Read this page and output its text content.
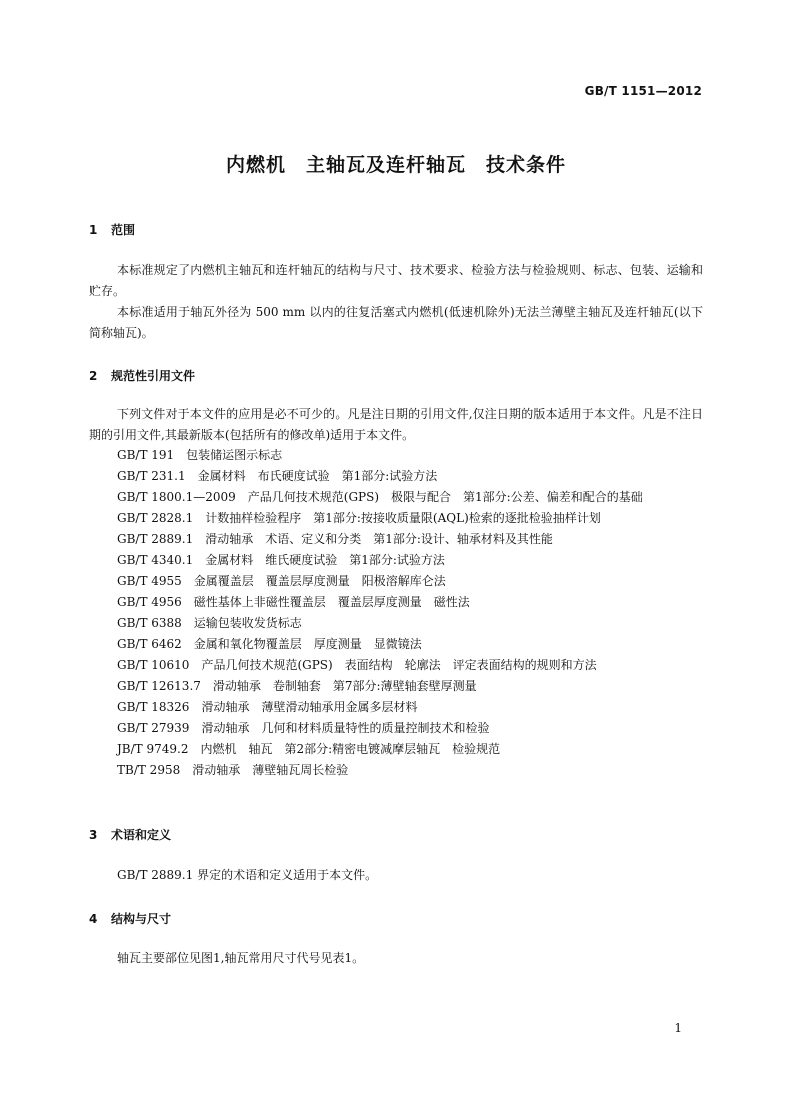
GB/T 1151—2012
内燃机　主轴瓦及连杆轴瓦　技术条件
1 范围

本标准规定了内燃机主轴瓦和连杆轴瓦的结构与尺寸、技术要求、检验方法与检验规则、标志、包装、运输和贮存。

本标准适用于轴瓦外径为 500 mm 以内的往复活塞式内燃机(低速机除外)无法兰薄壁主轴瓦及连杆轴瓦(以下简称轴瓦)。

2 规范性引用文件

下列文件对于本文件的应用是必不可少的。凡是注日期的引用文件,仅注日期的版本适用于本文件。凡是不注日期的引用文件,其最新版本(包括所有的修改单)适用于本文件。

GB/T 191　包装储运图示标志
GB/T 231.1　金属材料　布氏硬度试验　第1部分:试验方法
GB/T 1800.1—2009　产品几何技术规范(GPS)　极限与配合　第1部分:公差、偏差和配合的基础
GB/T 2828.1　计数抽样检验程序　第1部分:按接收质量限(AQL)检索的逐批检验抽样计划
GB/T 2889.1　滑动轴承　术语、定义和分类　第1部分:设计、轴承材料及其性能
GB/T 4340.1　金属材料　维氏硬度试验　第1部分:试验方法
GB/T 4955　金属覆盖层　覆盖层厚度测量　阳极溶解库仑法
GB/T 4956　磁性基体上非磁性覆盖层　覆盖层厚度测量　磁性法
GB/T 6388　运输包装收发货标志
GB/T 6462　金属和氧化物覆盖层　厚度测量　显微镜法
GB/T 10610　产品几何技术规范(GPS)　表面结构　轮廓法　评定表面结构的规则和方法
GB/T 12613.7　滑动轴承　卷制轴套　第7部分:薄壁轴套壁厚测量
GB/T 18326　滑动轴承　薄壁滑动轴承用金属多层材料
GB/T 27939　滑动轴承　几何和材料质量特性的质量控制技术和检验
JB/T 9749.2　内燃机　轴瓦　第2部分:精密电镀减摩层轴瓦　检验规范
TB/T 2958　滑动轴承　薄壁轴瓦周长检验
3 术语和定义

GB/T 2889.1 界定的术语和定义适用于本文件。

4 结构与尺寸

轴瓦主要部位见图1,轴瓦常用尺寸代号见表1。

1
